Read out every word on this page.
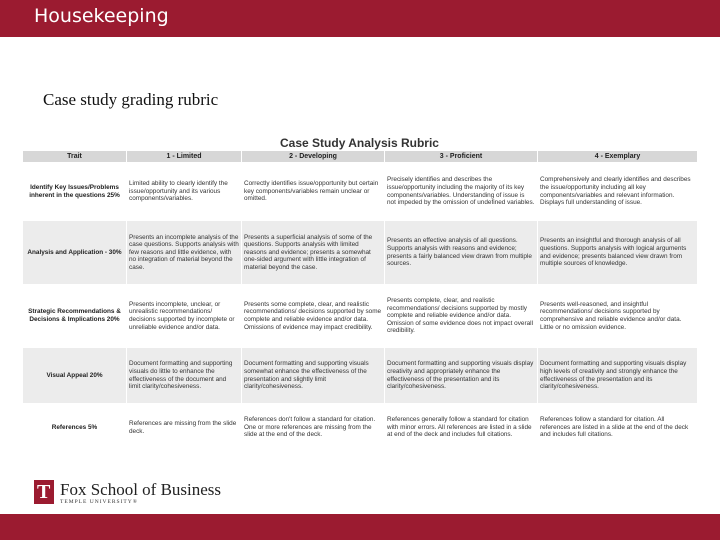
Housekeeping
Case study grading rubric
Case Study Analysis Rubric
Trait	1 - Limited	2 - Developing	3 - Proficient	4 - Exemplary
Identify Key Issues/Problems inherent in the questions 25%	Limited ability to clearly identify the issue/opportunity and its various components/variables.	Correctly identifies issue/opportunity but certain key components/variables remain unclear or omitted.	Precisely identifies and describes the issue/opportunity including the majority of its key components/variables. Understanding of issue is not impeded by the omission of undefined variables.	Comprehensively and clearly identifies and describes the issue/opportunity including all key components/variables and relevant information. Displays full understanding of issue.
Analysis and Application - 30%	Presents an incomplete analysis of the case questions. Supports analysis with few reasons and little evidence, with no integration of material beyond the case.	Presents a superficial analysis of some of the questions. Supports analysis with limited reasons and evidence; presents a somewhat one-sided argument with little integration of material beyond the case.	Presents an effective analysis of all questions. Supports analysis with reasons and evidence; presents a fairly balanced view drawn from multiple sources.	Presents an insightful and thorough analysis of all questions. Supports analysis with logical arguments and evidence; presents balanced view drawn from multiple sources of knowledge.
Strategic Recommendations & Decisions & Implications 20%	Presents incomplete, unclear, or unrealistic recommendations/ decisions supported by incomplete or unreliable evidence and/or data.	Presents some complete, clear, and realistic recommendations/ decisions supported by some complete and reliable evidence and/or data. Omissions of evidence may impact credibility.	Presents complete, clear, and realistic recommendations/ decisions supported by mostly complete and reliable evidence and/or data. Omission of some evidence does not impact overall credibility.	Presents well-reasoned, and insightful recommendations/ decisions supported by comprehensive and reliable evidence and/or data. Little or no omission evidence.
Visual Appeal 20%	Document formatting and supporting visuals do little to enhance the effectiveness of the document and limit clarity/cohesiveness.	Document formatting and supporting visuals somewhat enhance the effectiveness of the presentation and slightly limit clarity/cohesiveness.	Document formatting and supporting visuals display creativity and appropriately enhance the effectiveness of the presentation and its clarity/cohesiveness.	Document formatting and supporting visuals display high levels of creativity and strongly enhance the effectiveness of the presentation and its clarity/cohesiveness.
References 5%	References are missing from the slide deck.	References don't follow a standard for citation. One or more references are missing from the slide at the end of the deck.	References generally follow a standard for citation with minor errors. All references are listed in a slide at end of the deck and includes full citations.	References follow a standard for citation. All references are listed in a slide at the end of the deck and includes full citations.
T Fox School of Business
TEMPLE UNIVERSITY®
